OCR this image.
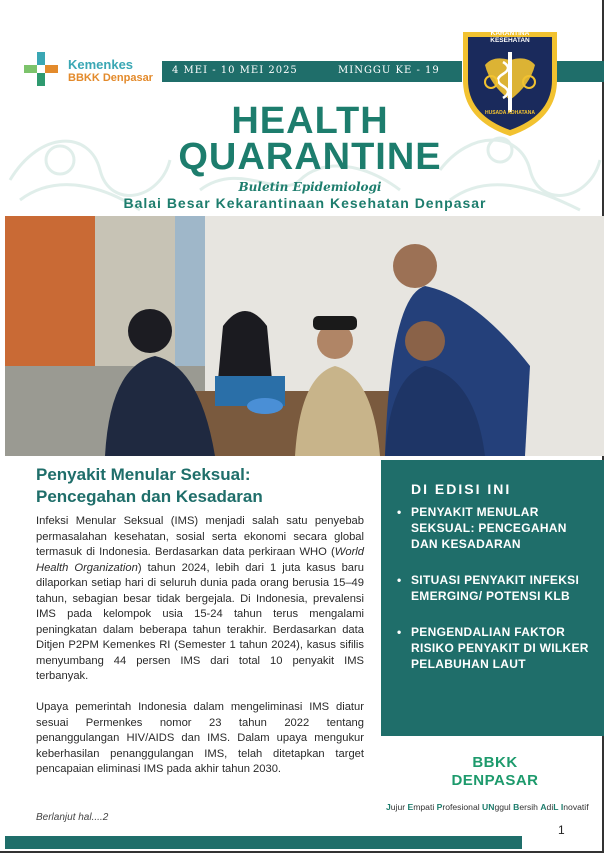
Kemenkes
BBKK Denpasar
4 MEI - 10 MEI 2025	MINGGU KE - 19
KARANTINA KESEHATAN
HUSADA ADHATANA
HEALTH
QUARANTINE
Buletin Epidemiologi
Balai Besar Kekarantinaan Kesehatan Denpasar
Penyakit Menular Seksual:
Pencegahan dan Kesadaran

Infeksi Menular Seksual (IMS) menjadi salah satu penyebab permasalahan kesehatan, sosial serta ekonomi secara global termasuk di Indonesia. Berdasarkan data perkiraan WHO (World Health Organization) tahun 2024, lebih dari 1 juta kasus baru dilaporkan setiap hari di seluruh dunia pada orang berusia 15–49 tahun, sebagian besar tidak bergejala. Di Indonesia, prevalensi IMS pada kelompok usia 15-24 tahun terus mengalami peningkatan dalam beberapa tahun terakhir. Berdasarkan data Ditjen P2PM Kemenkes RI (Semester 1 tahun 2024), kasus sifilis menyumbang 44 persen IMS dari total 10 penyakit IMS terbanyak.

Upaya pemerintah Indonesia dalam mengeliminasi IMS diatur sesuai Permenkes nomor 23 tahun 2022 tentang penanggulangan HIV/AIDS dan IMS. Dalam upaya mengukur keberhasilan penanggulangan IMS, telah ditetapkan target pencapaian eliminasi IMS pada akhir tahun 2030.

Berlanjut hal....2
DI EDISI INI
• PENYAKIT MENULAR SEKSUAL: PENCEGAHAN DAN KESADARAN
• SITUASI PENYAKIT INFEKSI EMERGING/ POTENSI KLB
• PENGENDALIAN FAKTOR RISIKO PENYAKIT DI WILKER PELABUHAN LAUT
BBKK
DENPASAR
Jujur Empati Profesional UNggul Bersih AdiL Inovatif
1
